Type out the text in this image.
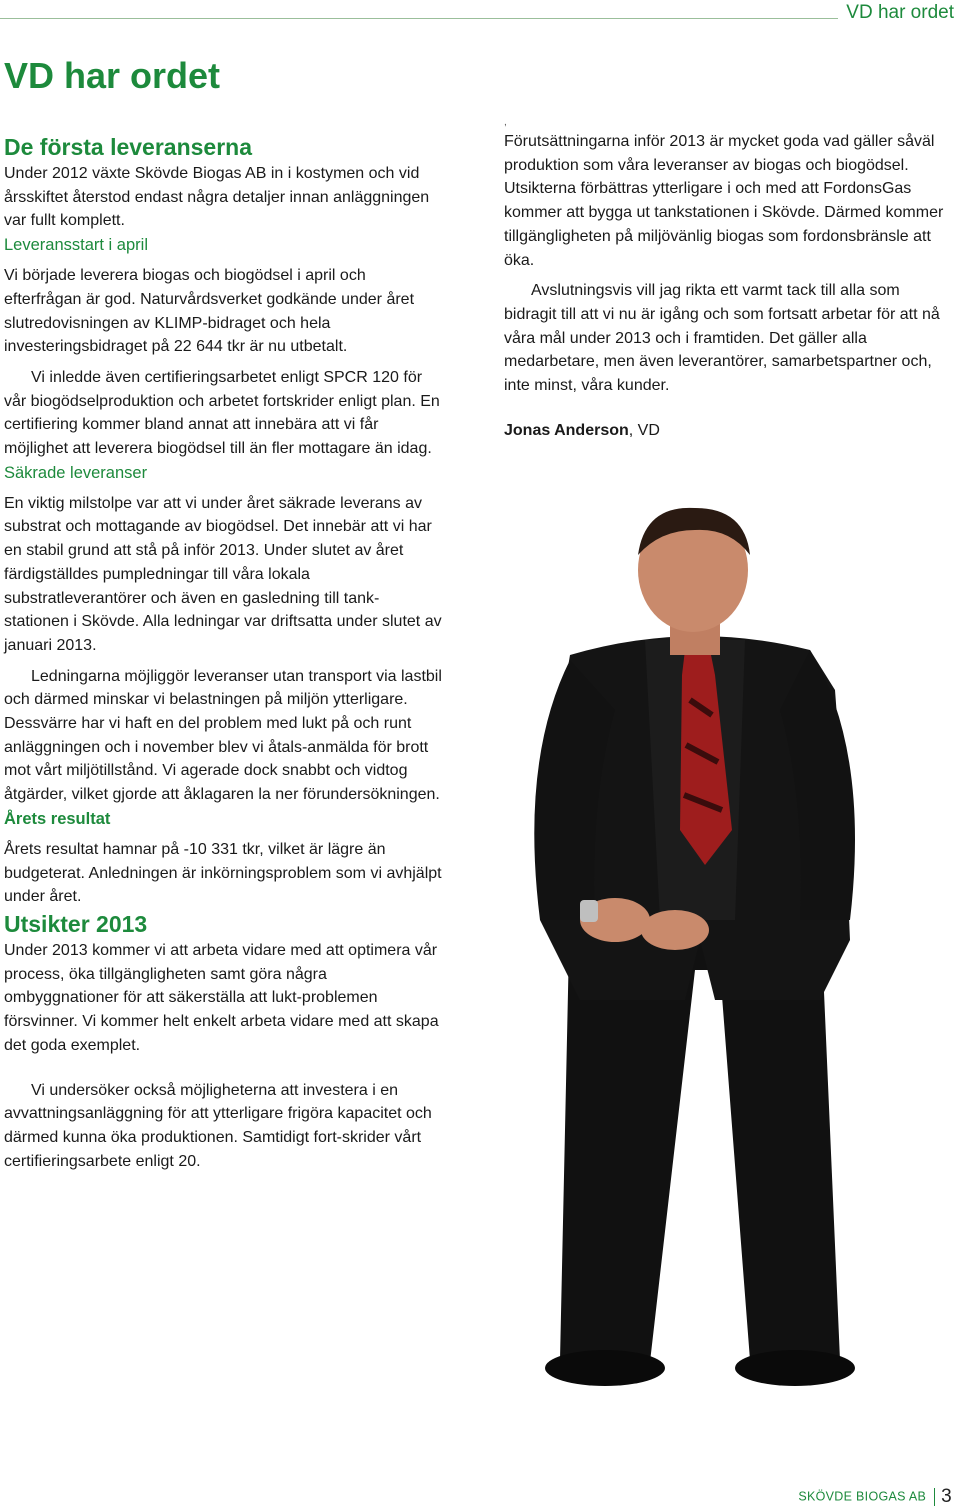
VD har ordet
VD har ordet
De första leveranserna

Under 2012 växte Skövde Biogas AB in i kostymen och vid årsskiftet återstod endast några detaljer innan anläggningen var fullt komplett.

Leveransstart i april

Vi började leverera biogas och biogödsel i april och efterfrågan är god. Naturvårdsverket godkände under året slutredovisningen av KLIMP-bidraget och hela investeringsbidraget på 22 644 tkr är nu utbetalt.

Vi inledde även certifieringsarbetet enligt SPCR 120 för vår biogödselproduktion och arbetet fortskrider enligt plan. En certifiering kommer bland annat att innebära att vi får möjlighet att leverera biogödsel till än fler mottagare än idag.

Säkrade leveranser

En viktig milstolpe var att vi under året säkrade leverans av substrat och mottagande av biogödsel. Det innebär att vi har en stabil grund att stå på inför 2013. Under slutet av året färdigställdes pumpledningar till våra lokala substratleverantörer och även en gasledning till tank-stationen i Skövde. Alla ledningar var driftsatta under slutet av januari 2013.

Ledningarna möjliggör leveranser utan transport via lastbil och därmed minskar vi belastningen på miljön ytterligare. Dessvärre har vi haft en del problem med lukt på och runt anläggningen och i november blev vi åtals-anmälda för brott mot vårt miljötillstånd. Vi agerade dock snabbt och vidtog åtgärder, vilket gjorde att åklagaren la ner förundersökningen.

Årets resultat

Årets resultat hamnar på -10 331 tkr, vilket är lägre än budgeterat. Anledningen är inkörningsproblem som vi avhjälpt under året.

Utsikter 2013

Under 2013 kommer vi att arbeta vidare med att optimera vår process, öka tillgängligheten samt göra några ombyggnationer för att säkerställa att lukt-problemen försvinner. Vi kommer helt enkelt arbeta vidare med att skapa det goda exemplet.

Vi undersöker också möjligheterna att investera i en avvattningsanläggning för att ytterligare frigöra kapacitet och därmed kunna öka produktionen. Samtidigt fort-skrider vårt certifieringsarbete enligt 20.

,

Förutsättningarna inför 2013 är mycket goda vad gäller såväl produktion som våra leveranser av biogas och biogödsel. Utsikterna förbättras ytterligare i och med att FordonsGas kommer att bygga ut tankstationen i Skövde. Därmed kommer tillgängligheten på miljövänlig biogas som fordonsbränsle att öka.

Avslutningsvis vill jag rikta ett varmt tack till alla som bidragit till att vi nu är igång och som fortsatt arbetar för att nå våra mål under 2013 och i framtiden. Det gäller alla medarbetare, men även leverantörer, samarbetspartner och, inte minst, våra kunder.

Jonas Anderson, VD

SKÖVDE BIOGAS AB 3
